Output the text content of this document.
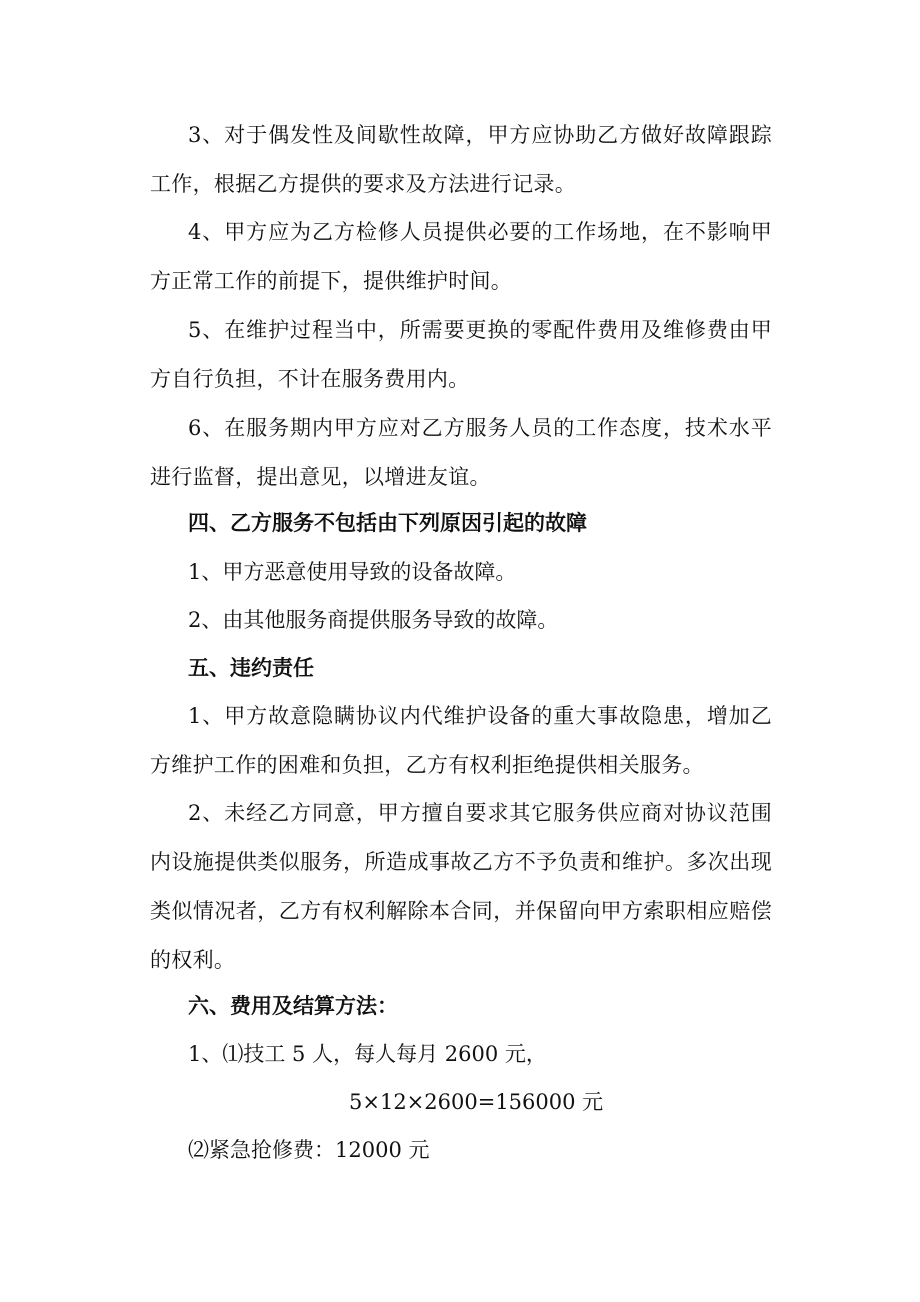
3、对于偶发性及间歇性故障，甲方应协助乙方做好故障跟踪工作，根据乙方提供的要求及方法进行记录。

4、甲方应为乙方检修人员提供必要的工作场地，在不影响甲方正常工作的前提下，提供维护时间。

5、在维护过程当中，所需要更换的零配件费用及维修费由甲方自行负担，不计在服务费用内。

6、在服务期内甲方应对乙方服务人员的工作态度，技术水平进行监督，提出意见，以增进友谊。

四、乙方服务不包括由下列原因引起的故障

1、甲方恶意使用导致的设备故障。

2、由其他服务商提供服务导致的故障。

五、违约责任

1、甲方故意隐瞒协议内代维护设备的重大事故隐患，增加乙方维护工作的困难和负担，乙方有权利拒绝提供相关服务。

2、未经乙方同意，甲方擅自要求其它服务供应商对协议范围内设施提供类似服务，所造成事故乙方不予负责和维护。多次出现类似情况者，乙方有权利解除本合同，并保留向甲方索职相应赔偿的权利。

六、费用及结算方法：

1、⑴技工 5 人，每人每月 2600 元，

5×12×2600=156000 元

⑵紧急抢修费：12000 元
